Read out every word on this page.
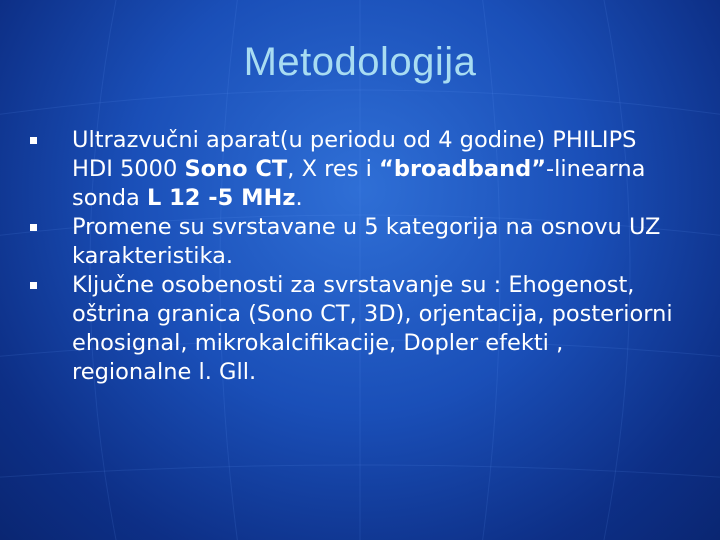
Metodologija
Ultrazvučni aparat(u periodu od 4 godine) PHILIPS HDI 5000 Sono CT, X res i “broadband”-linearna sonda L 12 -5 MHz.
Promene su svrstavane u 5 kategorija na osnovu UZ karakteristika.
Ključne osobenosti za svrstavanje su : Ehogenost, oštrina granica (Sono CT, 3D), orjentacija, posteriorni ehosignal, mikrokalcifikacije, Dopler efekti , regionalne l. Gll.
